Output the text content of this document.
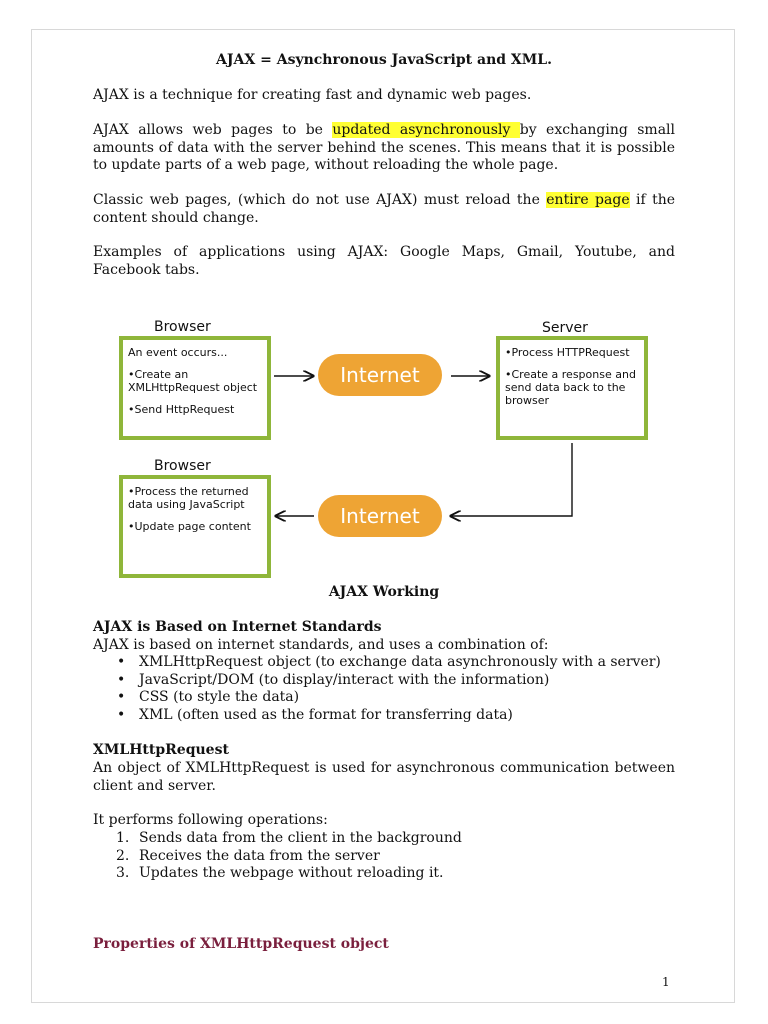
AJAX = Asynchronous JavaScript and XML.
AJAX is a technique for creating fast and dynamic web pages.
AJAX allows web pages to be updated asynchronously by exchanging small amounts of data with the server behind the scenes. This means that it is possible to update parts of a web page, without reloading the whole page.
Classic web pages, (which do not use AJAX) must reload the entire page if the content should change.
Examples of applications using AJAX: Google Maps, Gmail, Youtube, and Facebook tabs.
Browser	Server
Browser

An event occurs...

•Create an XMLHttpRequest object

•Send HttpRequest

•Process HTTPRequest

•Create a response and send data back to the browser

•Process the returned data using JavaScript

•Update page content

Internet
Internet
AJAX Working
AJAX is Based on Internet Standards
AJAX is based on internet standards, and uses a combination of:
• XMLHttpRequest object (to exchange data asynchronously with a server)
• JavaScript/DOM (to display/interact with the information)
• CSS (to style the data)
• XML (often used as the format for transferring data)
XMLHttpRequest
An object of XMLHttpRequest is used for asynchronous communication between client and server.
It performs following operations:
1. Sends data from the client in the background
2. Receives the data from the server
3. Updates the webpage without reloading it.
Properties of XMLHttpRequest object
1
